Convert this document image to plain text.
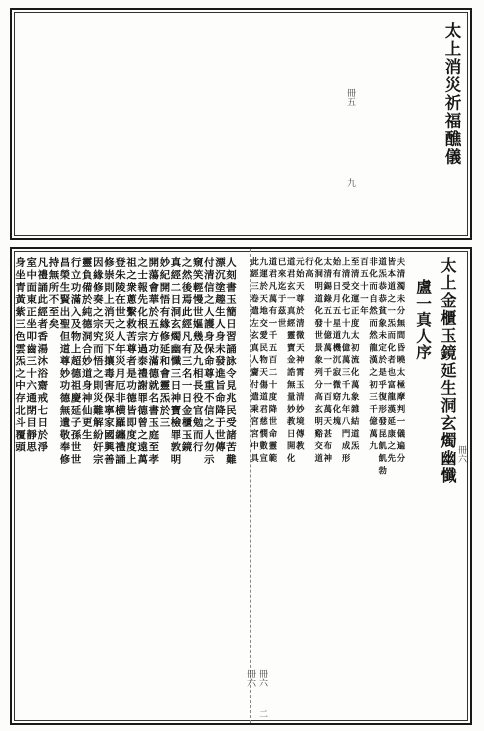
太上消災祈福醮儀
冊五
九
太上金櫃玉鏡延生洞玄燭幽懺 冊六
盧一真人序
冊六 冊六
二
夫清濁未分無間昏曉太極摩判一儀遍分
皆本道之一炁而化者也富龍漢延康之先
道炁恭恭貧象未定於是乎復形發昆飢飢勃
非化而自然而然龍漢之初三千億萬九
百五十一年
至清交運正度太初流化萬象雜結道炁
上清受化七十九億萬三千九年八門成形
始有日月五星道機沉寂微窈化塊
太清錫錄五十億萬一千一百萬天甚布神
化洞明道化發世景象列分高玄明谿交道
行高
元始天尊於清微天神霄玉清妙境傳教
道君玄一真經靈寶金誥無量妙教日開化
已來迄于茲世
道君凡萬有一千五百二十度降世命靈範
九運於天地交愛民物天傷道君慈憫數宣
此經三卷遣左玄真人齎付遣乘宮宮中具
人刻書玉簡日習誦詠令見兆民受諸苦難
漂沉塗趣生人身未發進旨命降于世傳
付清信之人護身保命尊重不信之人勿示
窺笑輕慢世嫗幾及九相長役官勉而行
之然後焉此經凡有三名一日金櫃玉鏡
真經二日洞玄燭幽懺三日神寶檢罪敦明
妙紀開悟有緣修延和會靈炁於三
開蕩會華於五方功滿德就名書玉庭至孝
之士報先化根宗過泰禮謝罪德曾之遠萬
祖之衆蔥繫救苦尊者是功德皆即度度上
登朱陵在世之人年災月厄非横羅纏禮誦
修崇則上消天災下攘毒害保寧家國興善
因緣修奏之宗究而悟之則災難解紛奸宗
靈負備於純德洞合妙道身神仙更生
行立功滿入及物上超德祖慶延子孫世世
昌榮生賢出聖但道尊妙功德無遺敬奉修
持無所不至矣
凡禮誦此經者香湯沐浴齋戒七日於淨
室中面東正坐叩齒三十六通閉目靜思
身坐青黃紫三色雲炁之中存北斗覆頭
